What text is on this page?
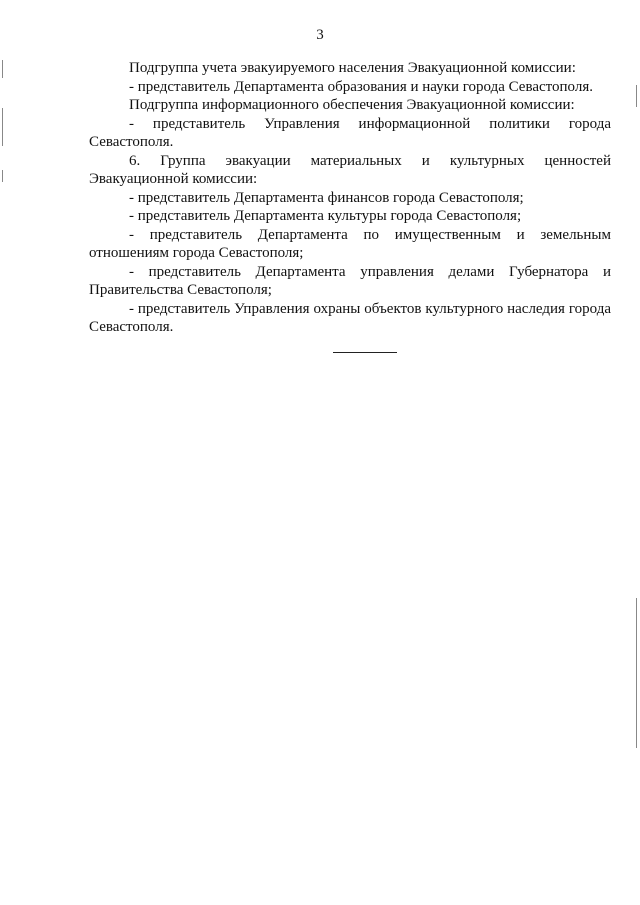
3

Подгруппа учета эвакуируемого населения Эвакуационной комиссии:

- представитель Департамента образования и науки города Севастополя.

Подгруппа информационного обеспечения Эвакуационной комиссии:

- представитель Управления информационной политики города Севастополя.

6. Группа эвакуации материальных и культурных ценностей Эвакуационной комиссии:

- представитель Департамента финансов города Севастополя;

- представитель Департамента культуры города Севастополя;

- представитель Департамента по имущественным и земельным отношениям города Севастополя;

- представитель Департамента управления делами Губернатора и Правительства Севастополя;

- представитель Управления охраны объектов культурного наследия города Севастополя.
